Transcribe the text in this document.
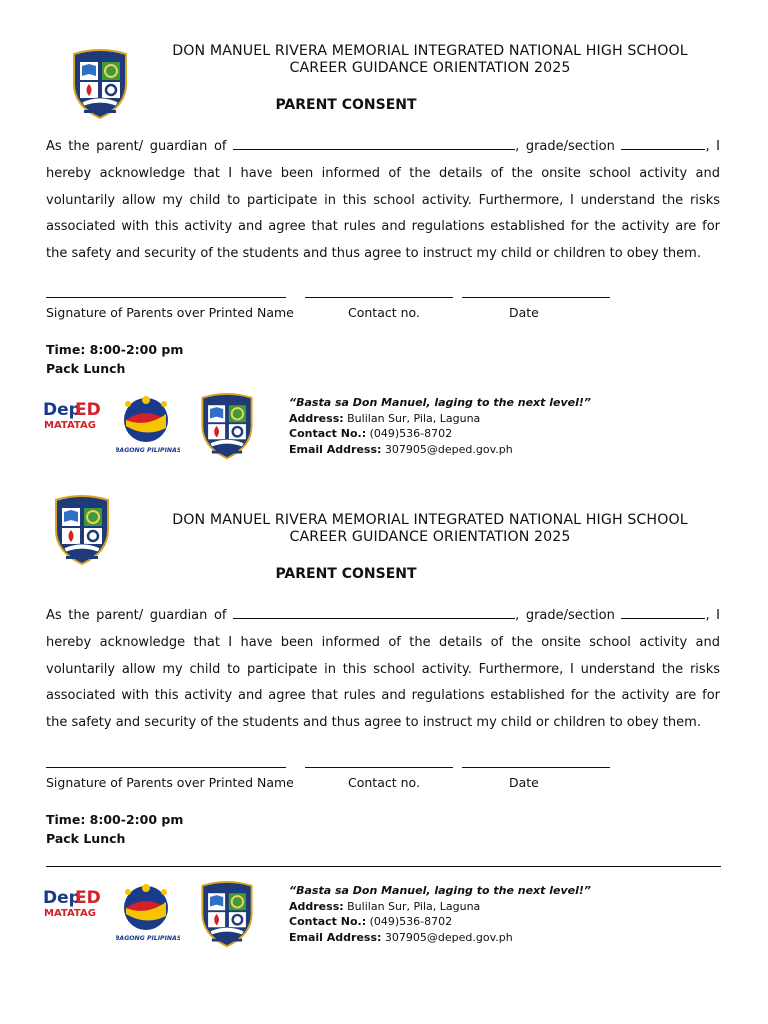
DON MANUEL RIVERA MEMORIAL INTEGRATED NATIONAL HIGH SCHOOL
CAREER GUIDANCE ORIENTATION 2025
PARENT CONSENT

As the parent/ guardian of	, grade/section	, I hereby acknowledge that I have been informed of the details of the onsite school activity and voluntarily allow my child to participate in this school activity. Furthermore, I understand the risks associated with this activity and agree that rules and regulations established for the activity are for the safety and security of the students and thus agree to instruct my child or children to obey them.

Signature of Parents over Printed Name	Contact no.	Date
Time: 8:00-2:00 pm
Pack Lunch
“Basta sa Don Manuel, laging to the next level!”
Address: Bulilan Sur, Pila, Laguna
Contact No.: (049)536-8702
Email Address: 307905@deped.gov.ph
DON MANUEL RIVERA MEMORIAL INTEGRATED NATIONAL HIGH SCHOOL
CAREER GUIDANCE ORIENTATION 2025
PARENT CONSENT

As the parent/ guardian of	, grade/section	, I hereby acknowledge that I have been informed of the details of the onsite school activity and voluntarily allow my child to participate in this school activity. Furthermore, I understand the risks associated with this activity and agree that rules and regulations established for the activity are for the safety and security of the students and thus agree to instruct my child or children to obey them.

Signature of Parents over Printed Name	Contact no.	Date
Time: 8:00-2:00 pm
Pack Lunch
“Basta sa Don Manuel, laging to the next level!”
Address: Bulilan Sur, Pila, Laguna
Contact No.: (049)536-8702
Email Address: 307905@deped.gov.ph
